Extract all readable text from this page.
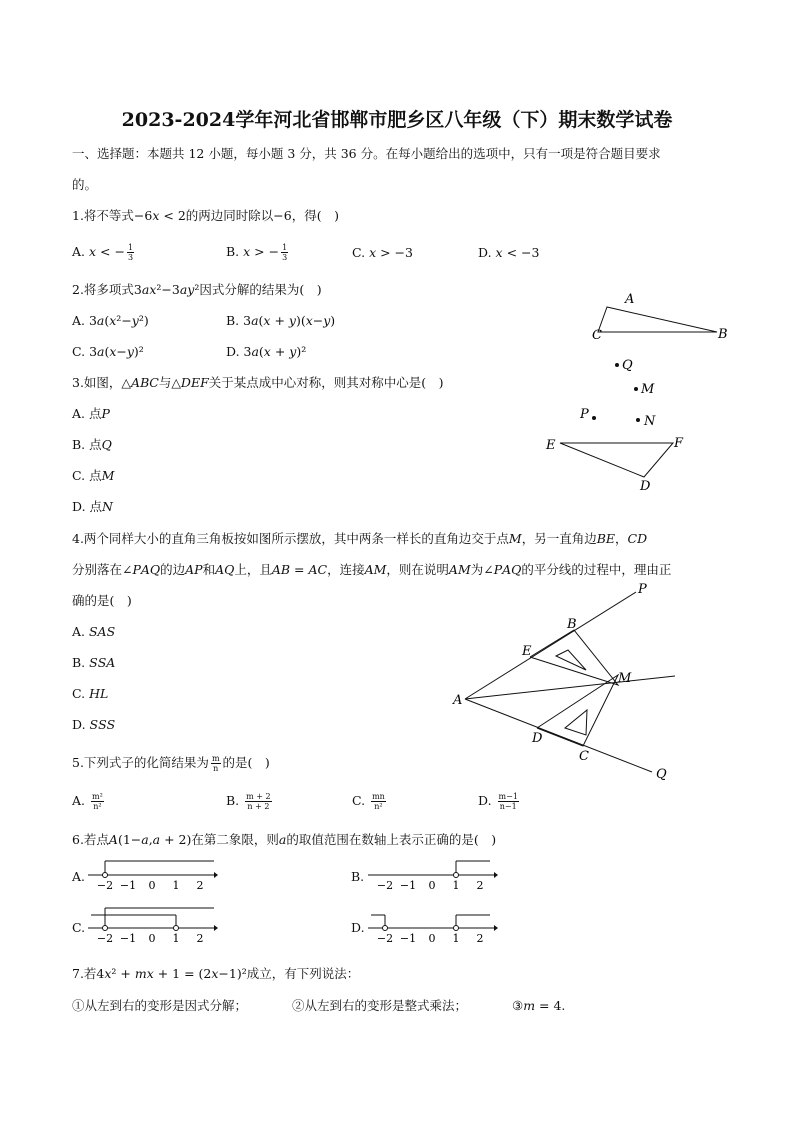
2023-2024学年河北省邯郸市肥乡区八年级（下）期末数学试卷
一、选择题：本题共 12 小题，每小题 3 分，共 36 分。在每小题给出的选项中，只有一项是符合题目要求
的。
1.将不等式−6𝑥 < 2的两边同时除以−6，得(　)
A. 𝑥 < − $\frac{1}{3}$	B. 𝑥 > − $\frac{1}{3}$	C. 𝑥 > −3	D. 𝑥 < −3
2.将多项式3𝑎𝑥²−3𝑎𝑦²因式分解的结果为(　)
A. 3𝑎(𝑥²−𝑦²)	B. 3𝑎(𝑥 + 𝑦)(𝑥−𝑦)
C. 3𝑎(𝑥−𝑦)²	D. 3𝑎(𝑥 + 𝑦)²
3.如图，△𝐴𝐵𝐶与△𝐷𝐸𝐹关于某点成中心对称，则其对称中心是(　)
A. 点𝑃
B. 点𝑄
C. 点𝑀
D. 点𝑁
A
C	B
Q
M
P	N
E	F
D
4.两个同样大小的直角三角板按如图所示摆放，其中两条一样长的直角边交于点𝑀，另一直角边𝐵𝐸，𝐶𝐷
分别落在∠𝑃𝐴𝑄的边𝐴𝑃和𝐴𝑄上，且𝐴𝐵 = 𝐴𝐶，连接𝐴𝑀，则在说明𝐴𝑀为∠𝑃𝐴𝑄的平分线的过程中，理由正
确的是(　)
A. 𝑆𝐴𝑆
B. 𝑆𝑆𝐴
C. 𝐻𝐿
D. 𝑆𝑆𝑆
P
B
E
M
A
D
C
Q
5.下列式子的化简结果为 $\frac{m}{n}$ 的是(　)
A. $\frac{\text{m²}}{\text{n²}}$	B. $\frac{m + 2}{n + 2}$	C. $\frac{mn}{\text{n²}}$	D. $\frac{m-1}{n-1}$
6.若点𝐴(1−𝑎,𝑎 + 2)在第二象限，则𝑎的取值范围在数轴上表示正确的是(　)
A.
−2 −1 0 1 2
B.
−2 −1 0 1 2
C.
−2 −1 0 1 2
D.
−2 −1 0 1 2
7.若4𝑥² + 𝑚𝑥 + 1 = (2𝑥−1)²成立，有下列说法：
①从左到右的变形是因式分解；	②从左到右的变形是整式乘法；	③𝑚 = 4.
